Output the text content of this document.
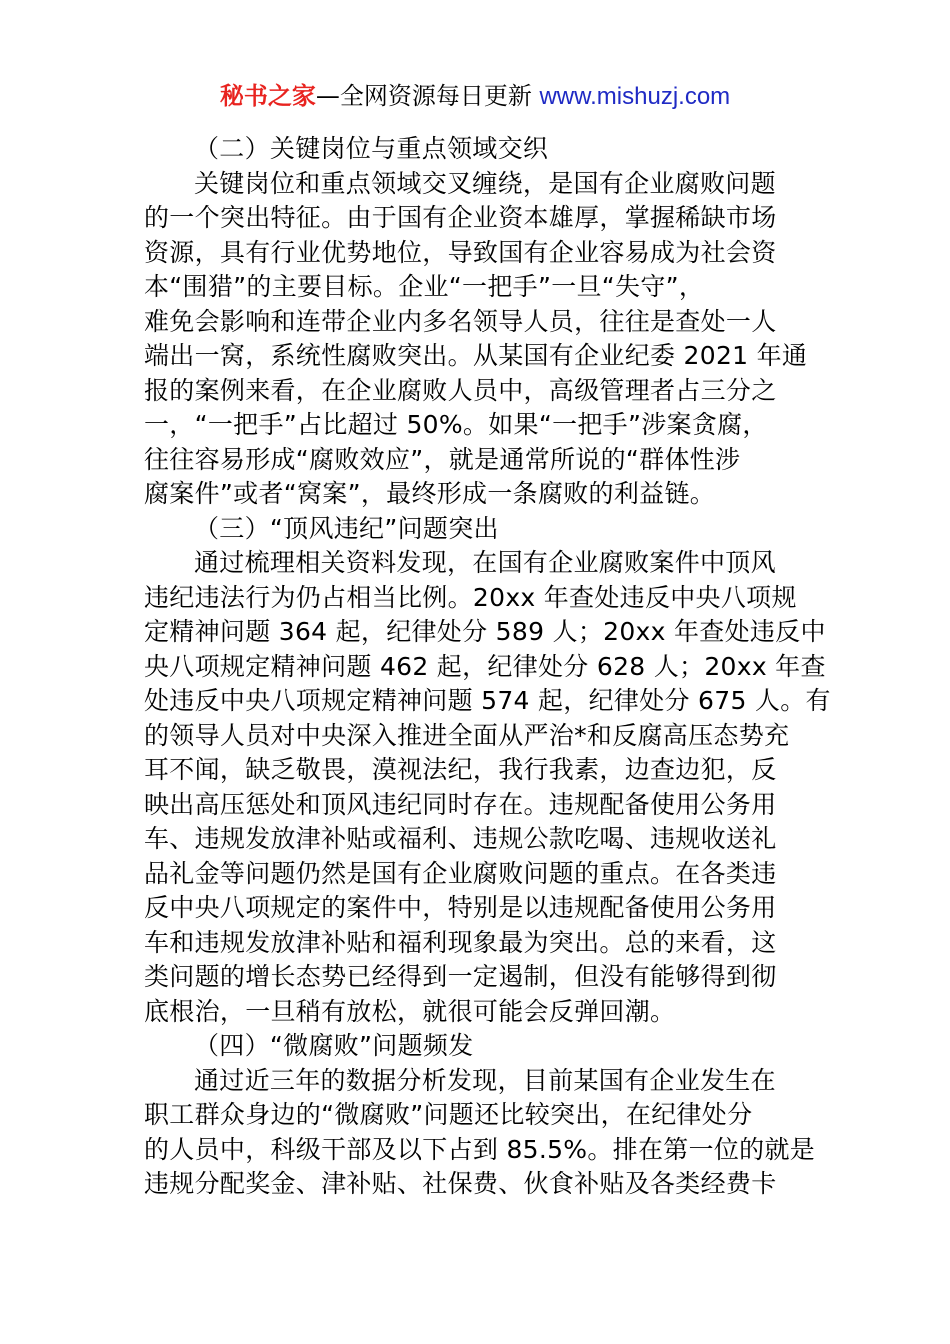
秘书之家—全网资源每日更新 www.mishuzj.com
（二）关键岗位与重点领域交织
关键岗位和重点领域交叉缠绕，是国有企业腐败问题
的一个突出特征。由于国有企业资本雄厚，掌握稀缺市场
资源，具有行业优势地位，导致国有企业容易成为社会资
本“围猎”的主要目标。企业“一把手”一旦“失守”，
难免会影响和连带企业内多名领导人员，往往是查处一人
端出一窝，系统性腐败突出。从某国有企业纪委 2021 年通
报的案例来看，在企业腐败人员中，高级管理者占三分之
一，“一把手”占比超过 50%。如果“一把手”涉案贪腐，
往往容易形成“腐败效应”，就是通常所说的“群体性涉
腐案件”或者“窝案”，最终形成一条腐败的利益链。
（三）“顶风违纪”问题突出
通过梳理相关资料发现，在国有企业腐败案件中顶风
违纪违法行为仍占相当比例。20xx 年查处违反中央八项规
定精神问题 364 起，纪律处分 589 人；20xx 年查处违反中
央八项规定精神问题 462 起，纪律处分 628 人；20xx 年查
处违反中央八项规定精神问题 574 起，纪律处分 675 人。有
的领导人员对中央深入推进全面从严治*和反腐高压态势充
耳不闻，缺乏敬畏，漠视法纪，我行我素，边查边犯，反
映出高压惩处和顶风违纪同时存在。违规配备使用公务用
车、违规发放津补贴或福利、违规公款吃喝、违规收送礼
品礼金等问题仍然是国有企业腐败问题的重点。在各类违
反中央八项规定的案件中，特别是以违规配备使用公务用
车和违规发放津补贴和福利现象最为突出。总的来看，这
类问题的增长态势已经得到一定遏制，但没有能够得到彻
底根治，一旦稍有放松，就很可能会反弹回潮。
（四）“微腐败”问题频发
通过近三年的数据分析发现，目前某国有企业发生在
职工群众身边的“微腐败”问题还比较突出，在纪律处分
的人员中，科级干部及以下占到 85.5%。排在第一位的就是
违规分配奖金、津补贴、社保费、伙食补贴及各类经费卡
